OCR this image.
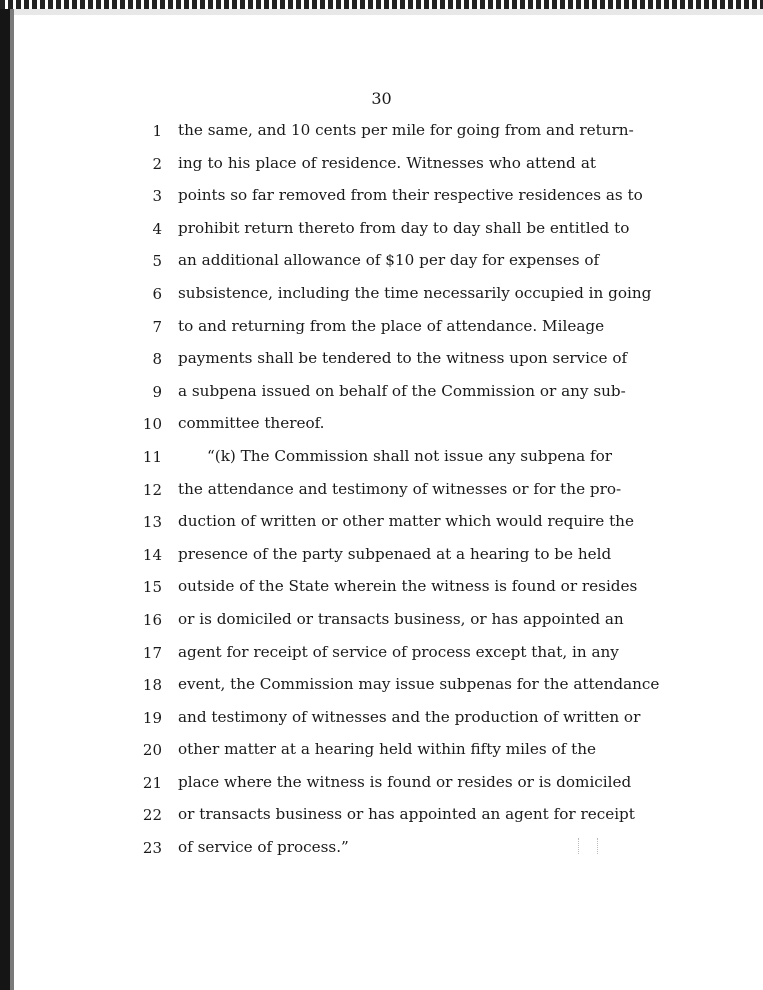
30
1 the same, and 10 cents per mile for going from and return-
2 ing to his place of residence. Witnesses who attend at
3 points so far removed from their respective residences as to
4 prohibit return thereto from day to day shall be entitled to
5 an additional allowance of $10 per day for expenses of
6 subsistence, including the time necessarily occupied in going
7 to and returning from the place of attendance. Mileage
8 payments shall be tendered to the witness upon service of
9 a subpena issued on behalf of the Commission or any sub-
10 committee thereof.
11	“(k) The Commission shall not issue any subpena for
12 the attendance and testimony of witnesses or for the pro-
13 duction of written or other matter which would require the
14 presence of the party subpenaed at a hearing to be held
15 outside of the State wherein the witness is found or resides
16 or is domiciled or transacts business, or has appointed an
17 agent for receipt of service of process except that, in any
18 event, the Commission may issue subpenas for the attendance
19 and testimony of witnesses and the production of written or
20 other matter at a hearing held within fifty miles of the
21 place where the witness is found or resides or is domiciled
22 or transacts business or has appointed an agent for receipt
23 of service of process.”
